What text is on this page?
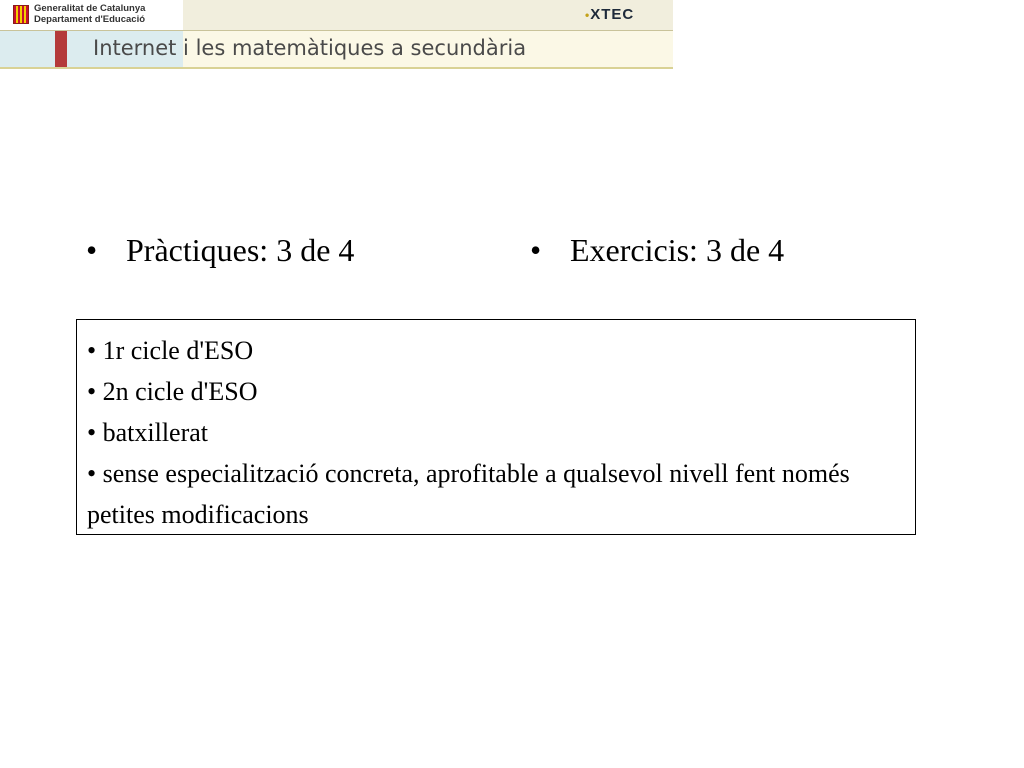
Generalitat de Catalunya
Departament d'Educació	•XTEC
Internet i les matemàtiques a secundària
• Pràctiques: 3 de 4	• Exercicis: 3 de 4
• 1r cicle d'ESO
• 2n cicle d'ESO
• batxillerat
• sense especialització concreta, aprofitable a qualsevol nivell fent només petites modificacions
